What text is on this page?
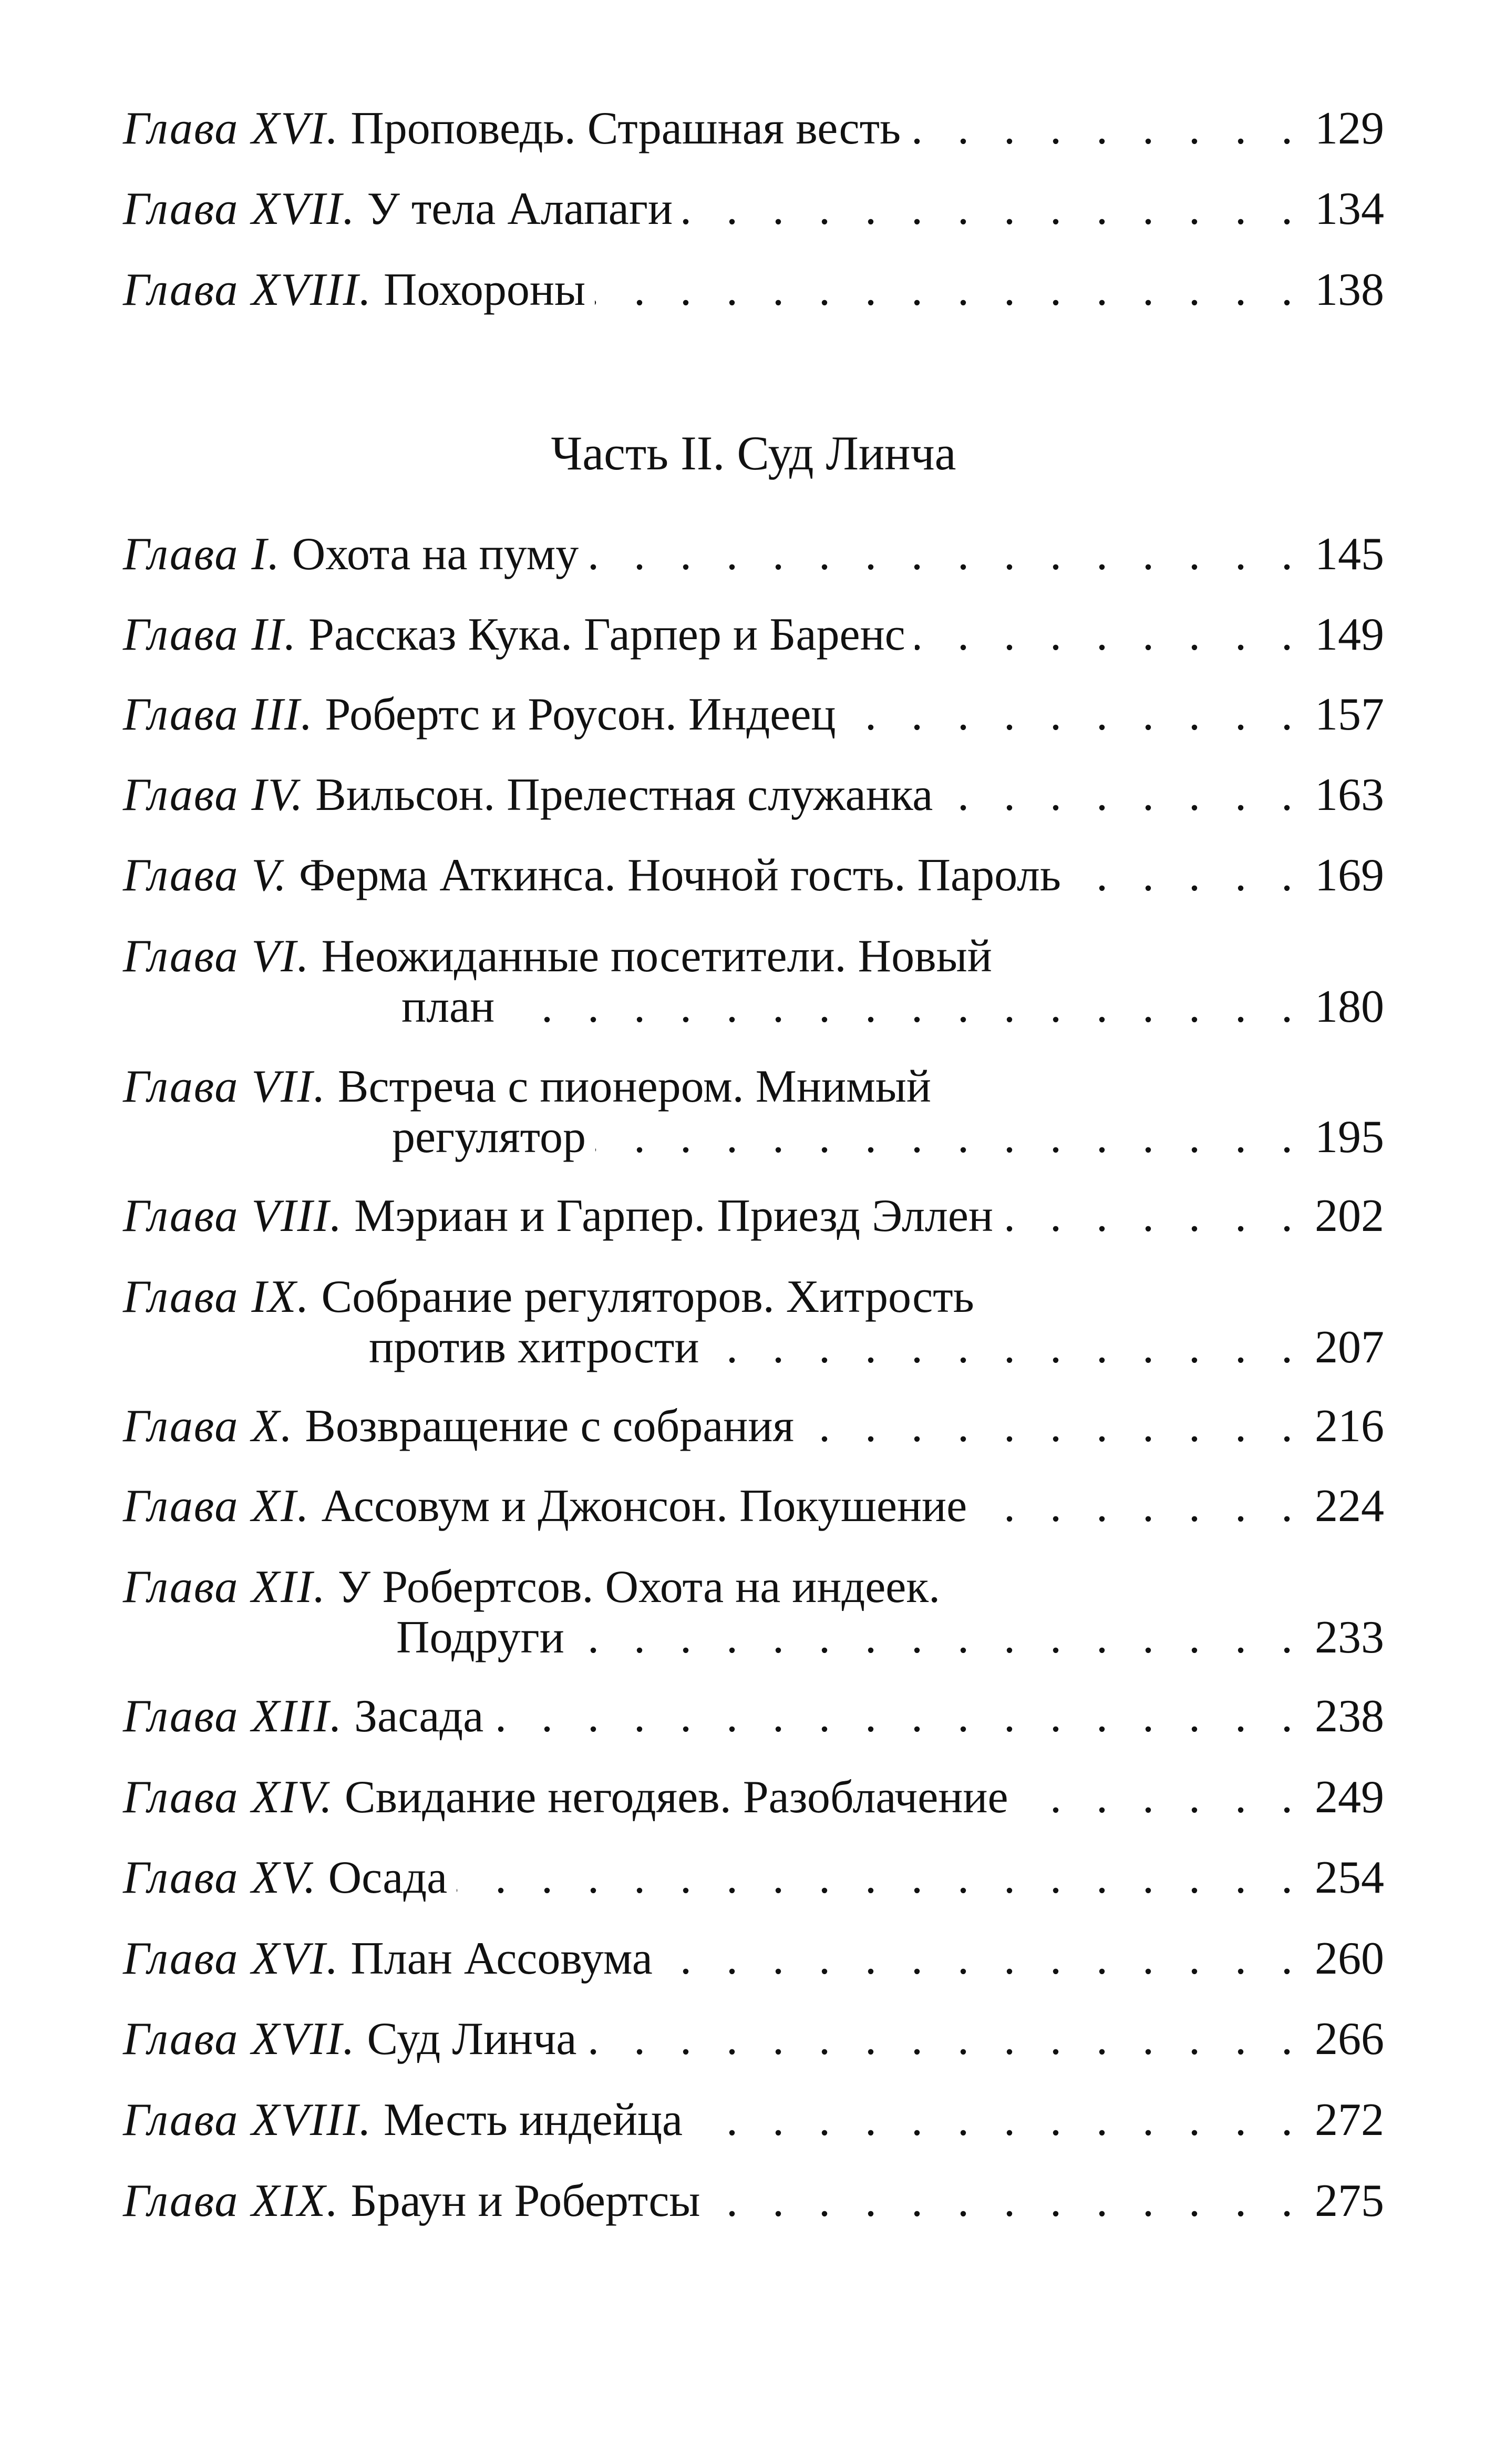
Глава XVI. Проповедь. Страшная весть . . .	129
Глава XVII. У тела Алапаги . . .	134
Глава XVIII. Похороны . . .	138
Часть II. Суд Линча
Глава I. Охота на пуму . . .	145
Глава II. Рассказ Кука. Гарпер и Баренс . . .	149
Глава III. Робертс и Роусон. Индеец . . .	157
Глава IV. Вильсон. Прелестная служанка . . .	163
Глава V. Ферма Аткинса. Ночной гость. Пароль . . .	169
Глава VI. Неожиданные посетители. Новый
план . . .	180
Глава VII. Встреча с пионером. Мнимый
регулятор . . .	195
Глава VIII. Мэриан и Гарпер. Приезд Эллен . . .	202
Глава IX. Собрание регуляторов. Хитрость
против хитрости . . .	207
Глава X. Возвращение с собрания . . .	216
Глава XI. Ассовум и Джонсон. Покушение . . .	224
Глава XII. У Робертсов. Охота на индеек.
Подруги . . .	233
Глава XIII. Засада . . .	238
Глава XIV. Свидание негодяев. Разоблачение . . .	249
Глава XV. Осада . . .	254
Глава XVI. План Ассовума . . .	260
Глава XVII. Суд Линча . . .	266
Глава XVIII. Месть индейца . . .	272
Глава XIX. Браун и Робертсы . . .	275
